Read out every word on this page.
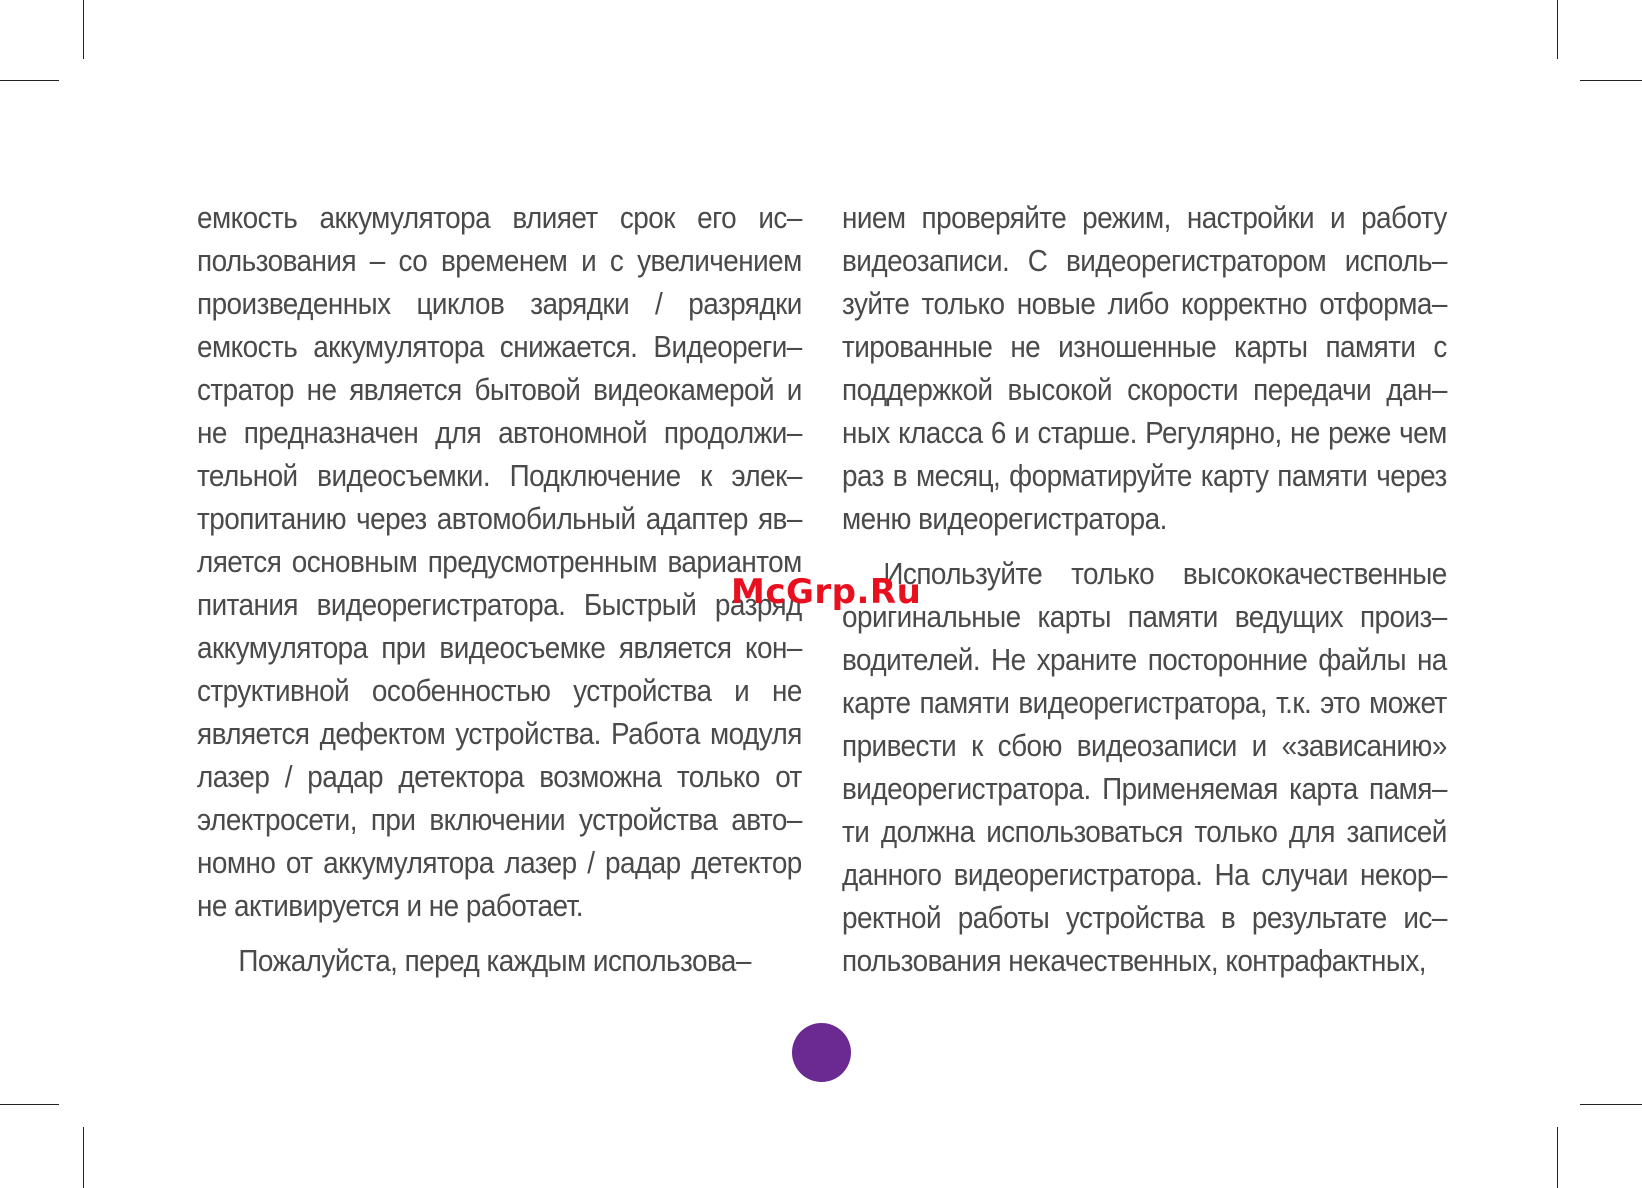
емкость аккумулятора влияет срок его ис–пользования – со временем и с увеличением произведенных циклов зарядки / разрядки емкость аккумулятора снижается. Видеореги–стратор не является бытовой видеокамерой и не предназначен для автономной продолжи–тельной видеосъемки. Подключение к элек–тропитанию через автомобильный адаптер яв–ляется основным предусмотренным вариантом питания видеорегистратора. Быстрый разряд аккумулятора при видеосъемке является кон–структивной особенностью устройства и не является дефектом устройства. Работа модуля лазер / радар детектора возможна только от электросети, при включении устройства авто–номно от аккумулятора лазер / радар детектор не активируется и не работает.

Пожалуйста, перед каждым использова–

нием проверяйте режим, настройки и работу видеозаписи. С видеорегистратором исполь–зуйте только новые либо корректно отформа–тированные не изношенные карты памяти с поддержкой высокой скорости передачи дан–ных класса 6 и старше. Регулярно, не реже чем раз в месяц, форматируйте карту памяти через меню видеорегистратора.

Используйте только высококачественные оригинальные карты памяти ведущих произ–водителей. Не храните посторонние файлы на карте памяти видеорегистратора, т.к. это может привести к сбою видеозаписи и «зависанию» видеорегистратора. Применяемая карта памя–ти должна использоваться только для записей данного видеорегистратора. На случаи некор–ректной работы устройства в результате ис–пользования некачественных, контрафактных,

McGrp.Ru
